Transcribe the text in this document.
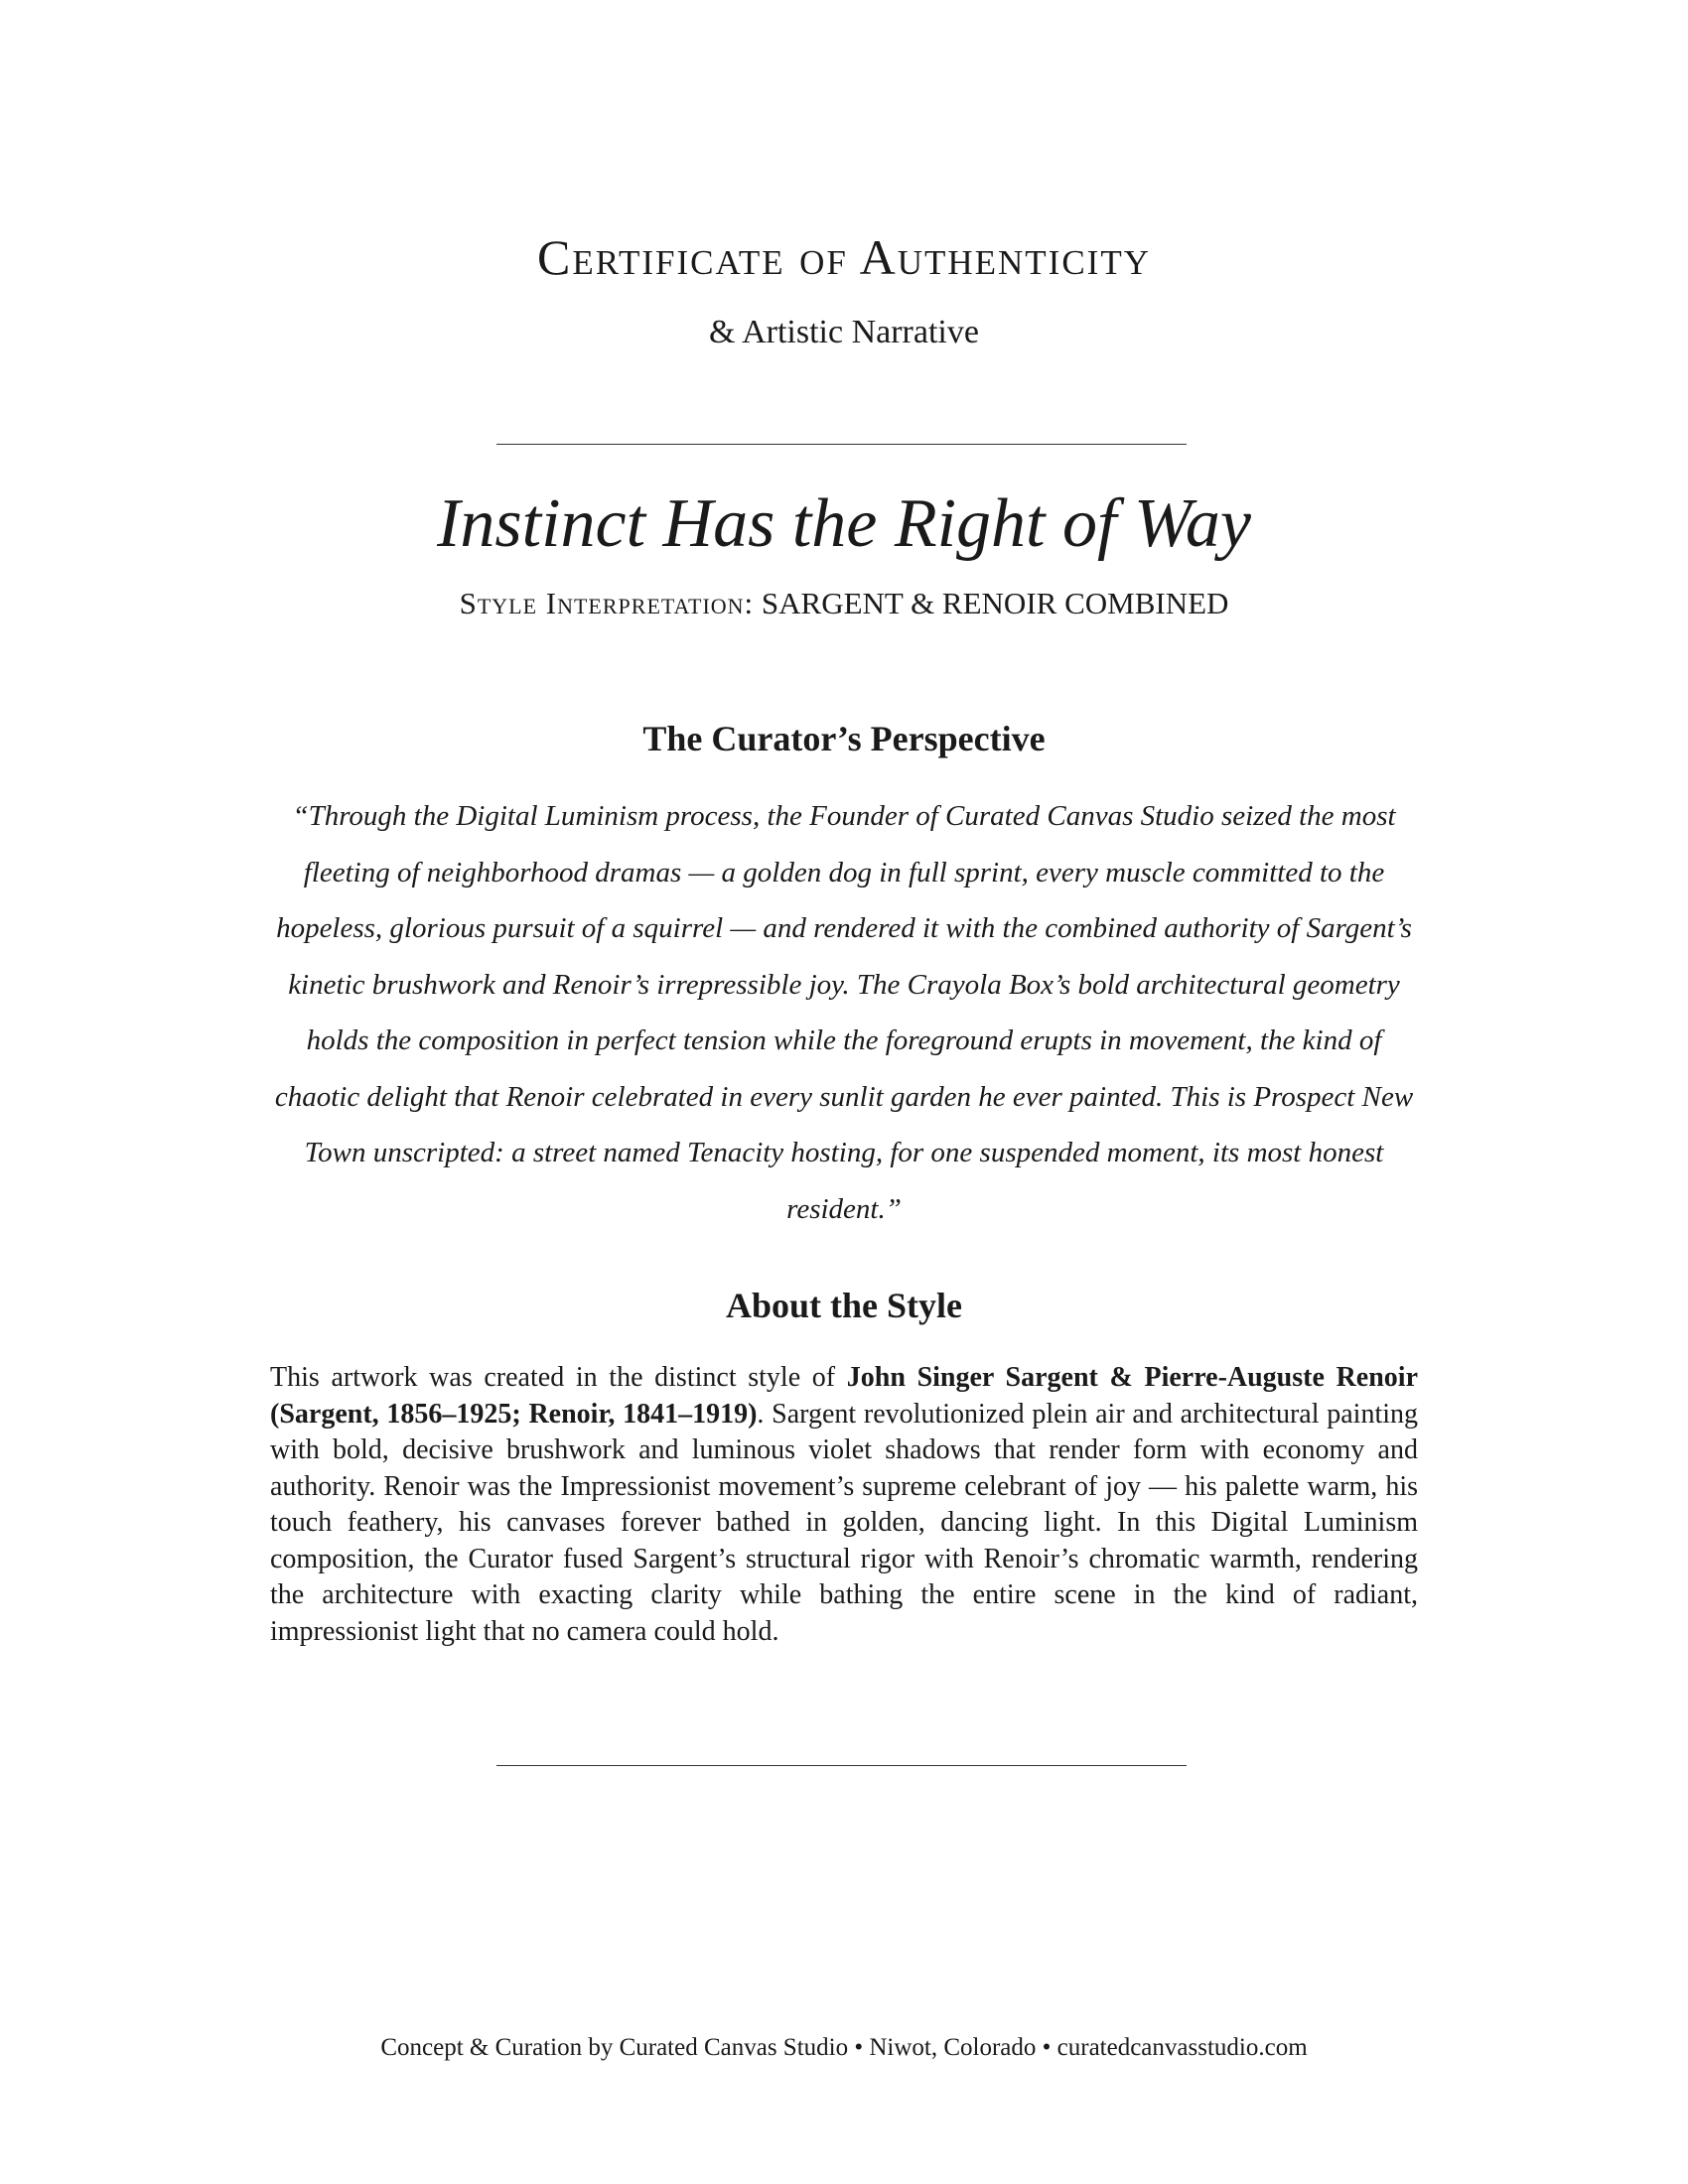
Certificate of Authenticity
& Artistic Narrative
Instinct Has the Right of Way
Style Interpretation: SARGENT & RENOIR COMBINED
The Curator’s Perspective

“Through the Digital Luminism process, the Founder of Curated Canvas Studio seized the most fleeting of neighborhood dramas — a golden dog in full sprint, every muscle committed to the hopeless, glorious pursuit of a squirrel — and rendered it with the combined authority of Sargent’s kinetic brushwork and Renoir’s irrepressible joy. The Crayola Box’s bold architectural geometry holds the composition in perfect tension while the foreground erupts in movement, the kind of chaotic delight that Renoir celebrated in every sunlit garden he ever painted. This is Prospect New Town unscripted: a street named Tenacity hosting, for one suspended moment, its most honest resident.”

About the Style

This artwork was created in the distinct style of John Singer Sargent & Pierre-Auguste Renoir (Sargent, 1856–1925; Renoir, 1841–1919). Sargent revolutionized plein air and architectural painting with bold, decisive brushwork and luminous violet shadows that render form with economy and authority. Renoir was the Impressionist movement’s supreme celebrant of joy — his palette warm, his touch feathery, his canvases forever bathed in golden, dancing light. In this Digital Luminism composition, the Curator fused Sargent’s structural rigor with Renoir’s chromatic warmth, rendering the architecture with exacting clarity while bathing the entire scene in the kind of radiant, impressionist light that no camera could hold.

Concept & Curation by Curated Canvas Studio • Niwot, Colorado • curatedcanvasstudio.com
